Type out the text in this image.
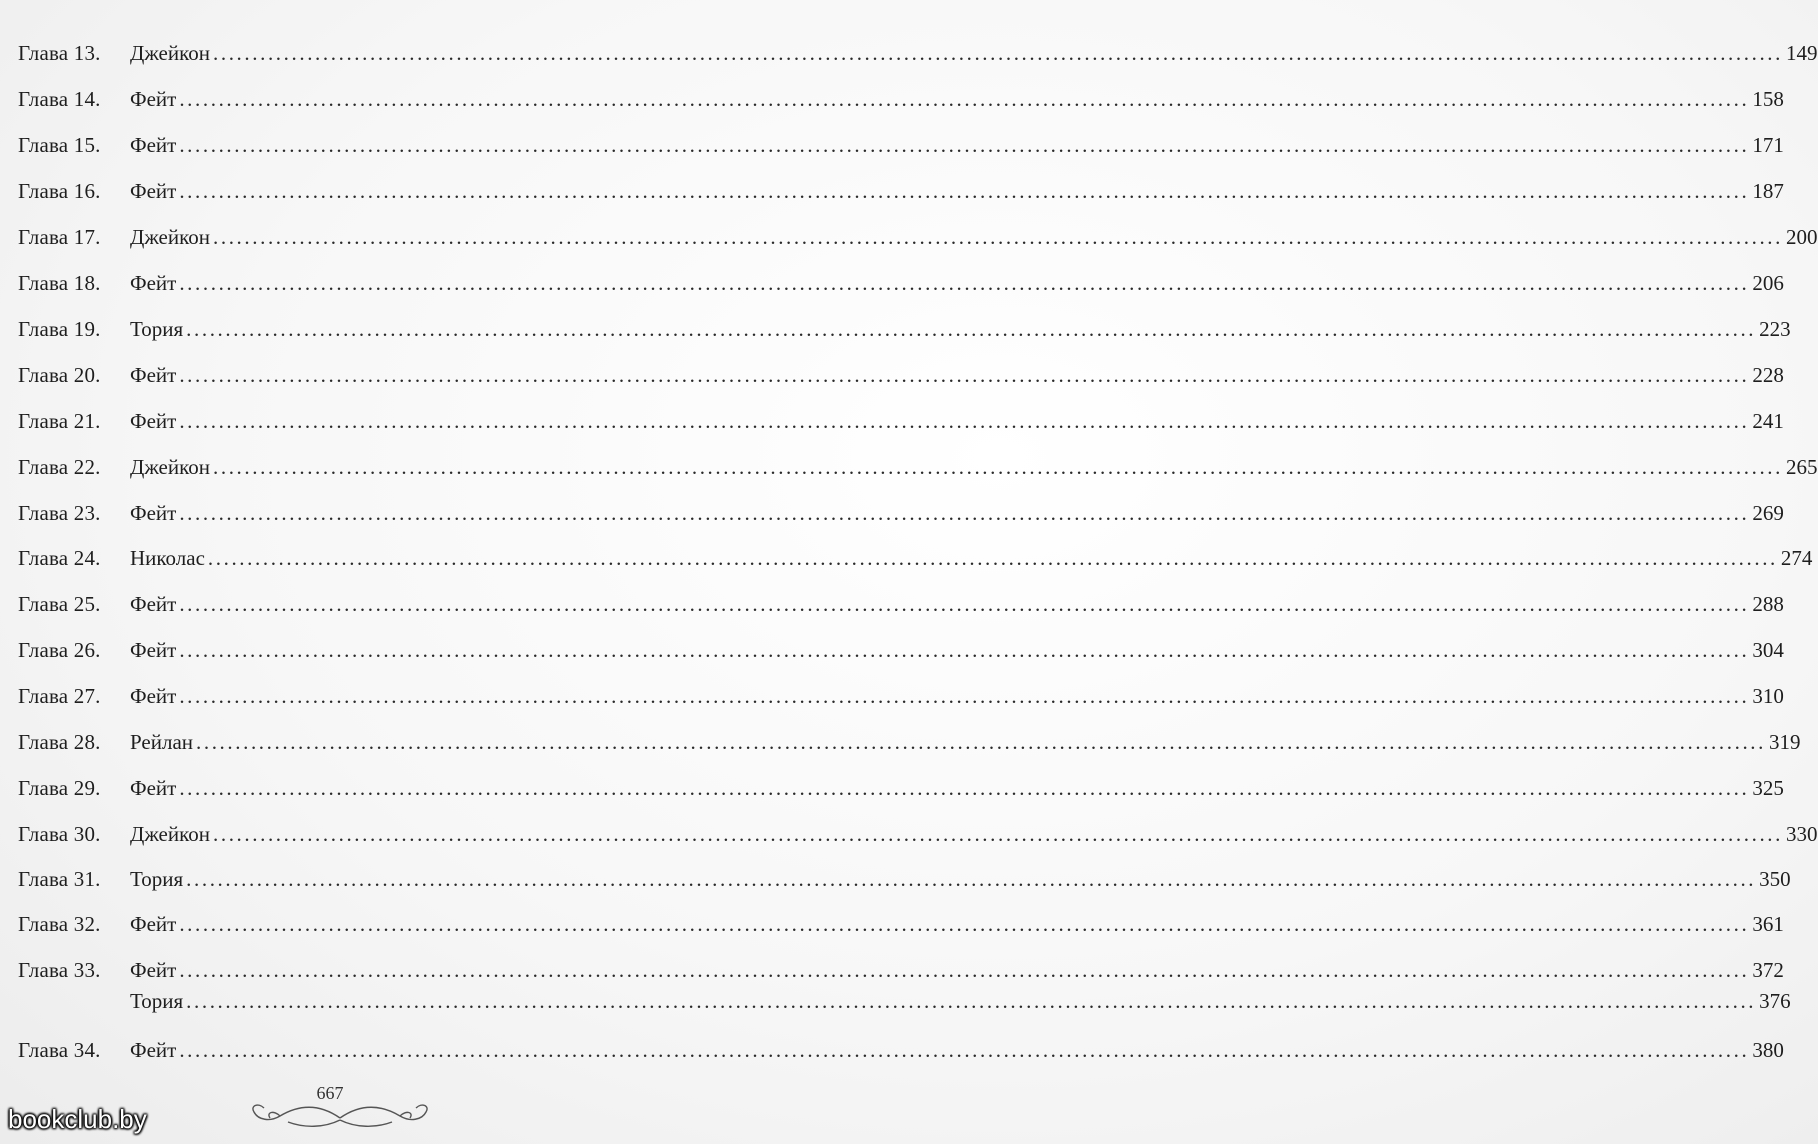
Глава 13.	Джейкон ........................................................................................................................................................................................................ 149
Глава 14.	Фейт ........................................................................................................................................................................................................ 158
Глава 15.	Фейт ........................................................................................................................................................................................................ 171
Глава 16.	Фейт ........................................................................................................................................................................................................ 187
Глава 17.	Джейкон ........................................................................................................................................................................................................ 200
Глава 18.	Фейт ........................................................................................................................................................................................................ 206
Глава 19.	Тория ........................................................................................................................................................................................................ 223
Глава 20.	Фейт ........................................................................................................................................................................................................ 228
Глава 21.	Фейт ........................................................................................................................................................................................................ 241
Глава 22.	Джейкон ........................................................................................................................................................................................................ 265
Глава 23.	Фейт ........................................................................................................................................................................................................ 269
Глава 24.	Николас ........................................................................................................................................................................................................ 274
Глава 25.	Фейт ........................................................................................................................................................................................................ 288
Глава 26.	Фейт ........................................................................................................................................................................................................ 304
Глава 27.	Фейт ........................................................................................................................................................................................................ 310
Глава 28.	Рейлан ........................................................................................................................................................................................................ 319
Глава 29.	Фейт ........................................................................................................................................................................................................ 325
Глава 30.	Джейкон ........................................................................................................................................................................................................ 330
Глава 31.	Тория ........................................................................................................................................................................................................ 350
Глава 32.	Фейт ........................................................................................................................................................................................................ 361
Глава 33.	Фейт ........................................................................................................................................................................................................ 372
Тория ........................................................................................................................................................................................................ 376
Глава 34.	Фейт ........................................................................................................................................................................................................ 380
667
bookclub.by
